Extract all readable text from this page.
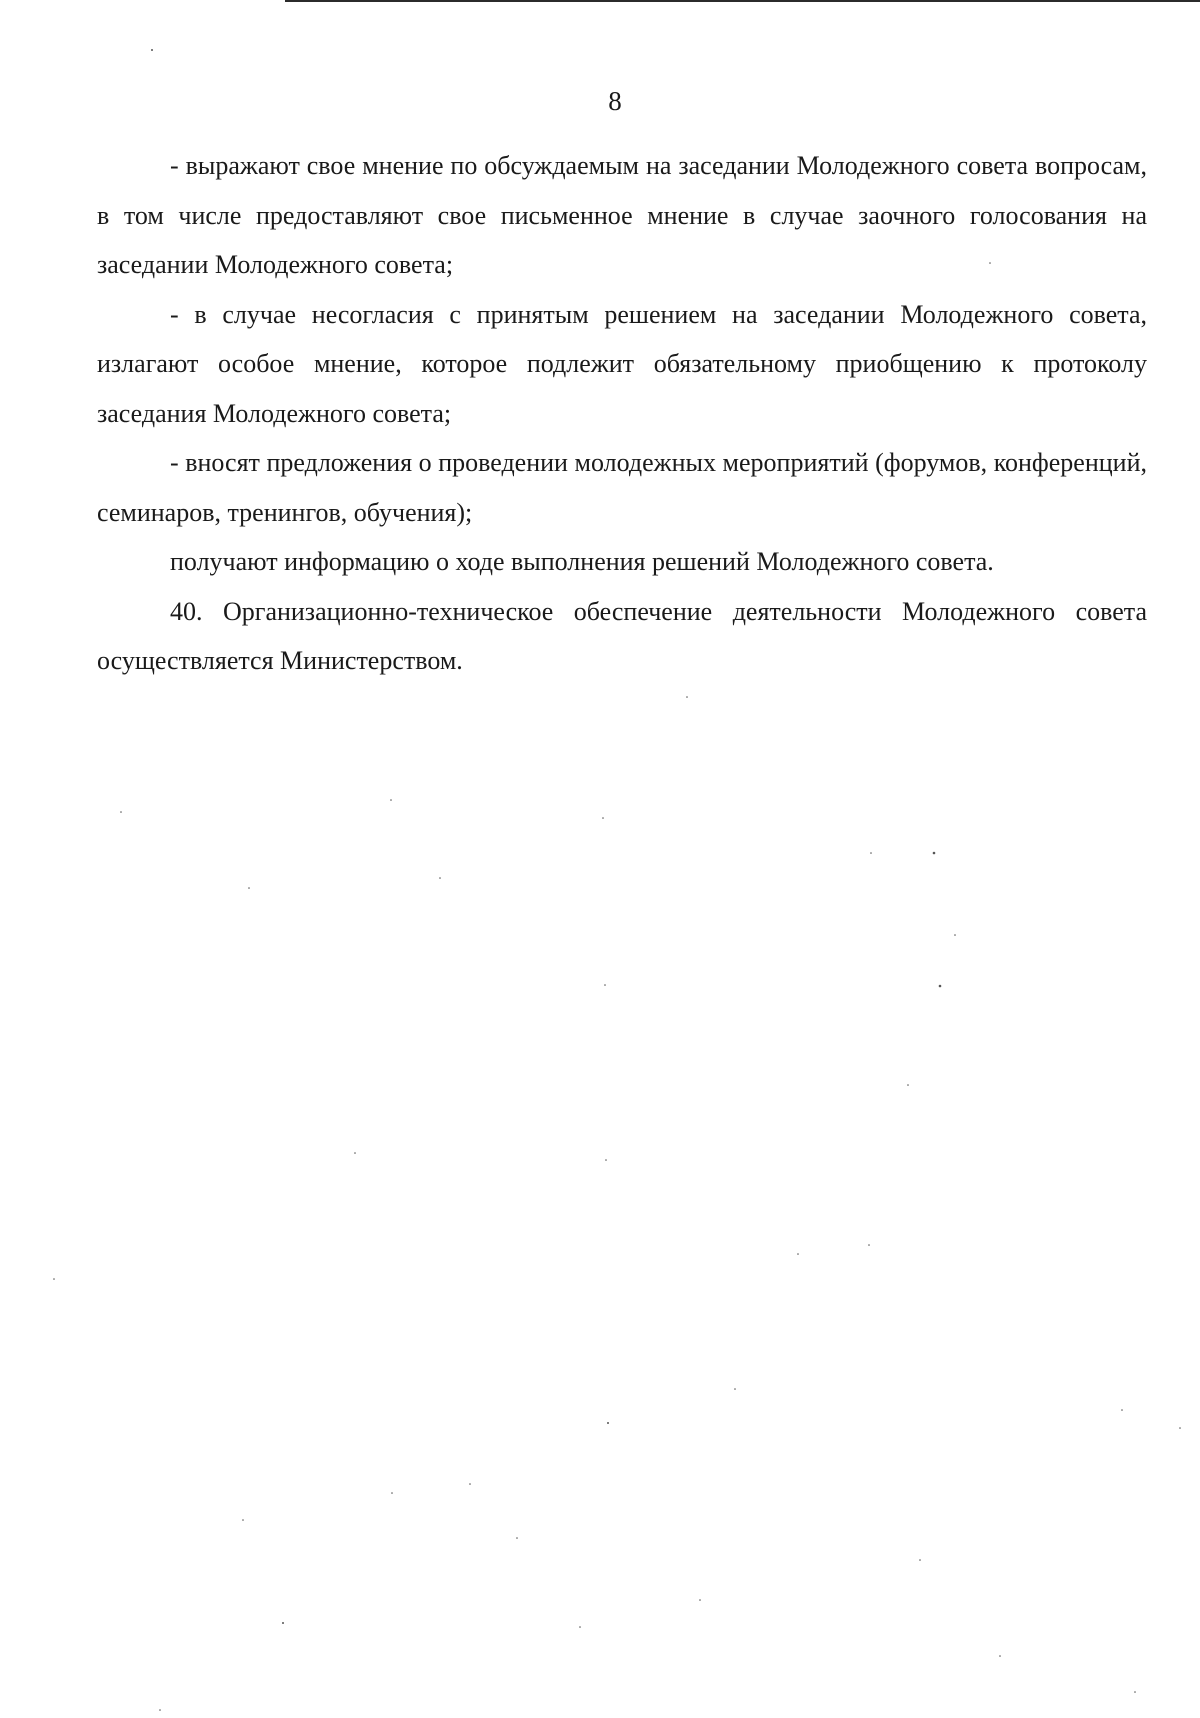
8

- выражают свое мнение по обсуждаемым на заседании Молодежного совета вопросам, в том числе предоставляют свое письменное мнение в случае заочного голосования на заседании Молодежного совета;

- в случае несогласия с принятым решением на заседании Молодежного совета, излагают особое мнение, которое подлежит обязательному приобщению к протоколу заседания Молодежного совета;

- вносят предложения о проведении молодежных мероприятий (форумов, конференций, семинаров, тренингов, обучения);

получают информацию о ходе выполнения решений Молодежного совета.

40. Организационно-техническое обеспечение деятельности Молодежного совета осуществляется Министерством.
